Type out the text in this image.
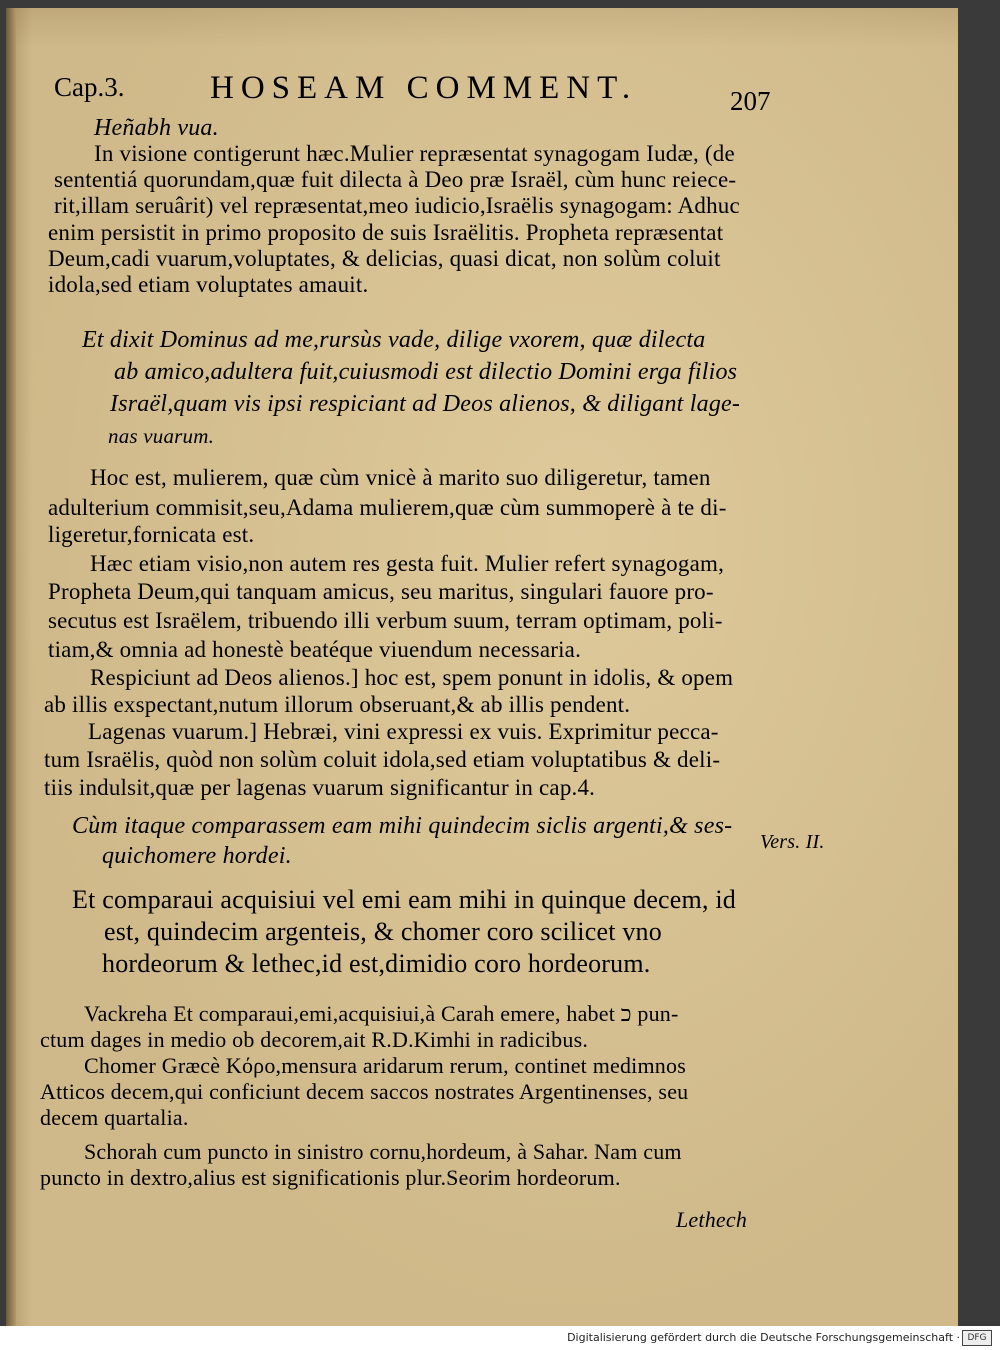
Cap.3.	HOSEAM COMMENT.	207
Heñabh vua.
In visione contigerunt hæc.Mulier repræsentat synagogam Iudæ, (de
sententiá quorundam,quæ fuit dilecta à Deo præ Israël, cùm hunc reiece-
rit,illam seruârit) vel repræsentat,meo iudicio,Israëlis synagogam: Adhuc
enim persistit in primo proposito de suis Israëlitis. Propheta repræsentat
Deum,cadi vuarum,voluptates, & delicias, quasi dicat, non solùm coluit
idola,sed etiam voluptates amauit.
Et dixit Dominus ad me,rursùs vade, dilige vxorem, quæ dilecta
ab amico,adultera fuit,cuiusmodi est dilectio Domini erga filios
Israël,quam vis ipsi respiciant ad Deos alienos, & diligant lage-
nas vuarum.
Hoc est, mulierem, quæ cùm vnicè à marito suo diligeretur, tamen
adulterium commisit,seu,Adama mulierem,quæ cùm summoperè à te di-
ligeretur,fornicata est.
Hæc etiam visio,non autem res gesta fuit. Mulier refert synagogam,
Propheta Deum,qui tanquam amicus, seu maritus, singulari fauore pro-
secutus est Israëlem, tribuendo illi verbum suum, terram optimam, poli-
tiam,& omnia ad honestè beatéque viuendum necessaria.
Respiciunt ad Deos alienos.] hoc est, spem ponunt in idolis, & opem
ab illis exspectant,nutum illorum obseruant,& ab illis pendent.
Lagenas vuarum.] Hebræi, vini expressi ex vuis. Exprimitur pecca-
tum Israëlis, quòd non solùm coluit idola,sed etiam voluptatibus & deli-
tiis indulsit,quæ per lagenas vuarum significantur in cap.4.
Cùm itaque comparassem eam mihi quindecim siclis argenti,& ses-
quichomere hordei.
Et comparaui acquisiui vel emi eam mihi in quinque decem, id
est, quindecim argenteis, & chomer coro scilicet vno
hordeorum & lethec,id est,dimidio coro hordeorum.
Vackreha Et comparaui,emi,acquisiui,à Carah emere, habet כ pun-
ctum dages in medio ob decorem,ait R.D.Kimhi in radicibus.
Chomer Græcè Κόρο,mensura aridarum rerum, continet medimnos
Atticos decem,qui conficiunt decem saccos nostrates Argentinenses, seu
decem quartalia.
Schorah cum puncto in sinistro cornu,hordeum, à Sahar. Nam cum
puncto in dextro,alius est significationis plur.Seorim hordeorum.
Vers. II.
Lethech
Digitalisierung gefördert durch die Deutsche Forschungsgemeinschaft · DFG
